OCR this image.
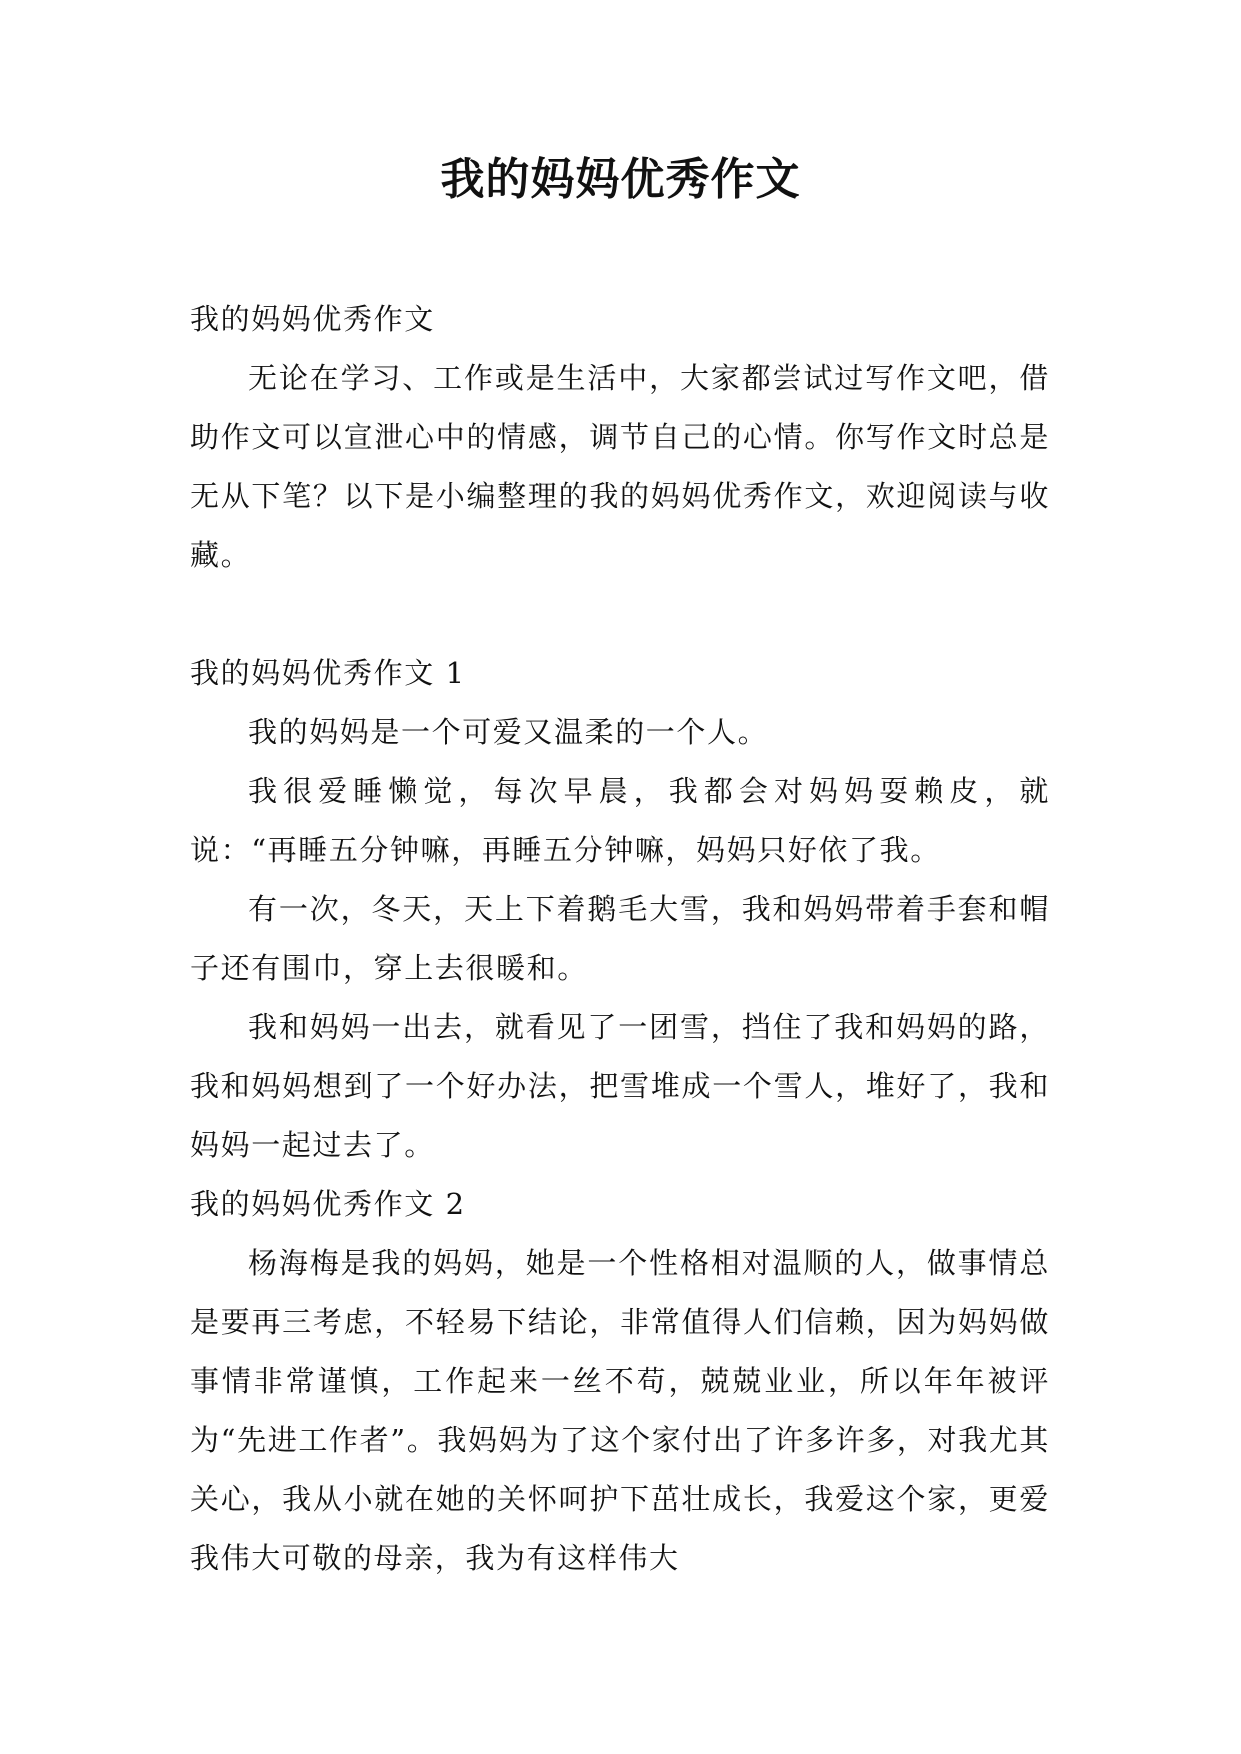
我的妈妈优秀作文

我的妈妈优秀作文

无论在学习、工作或是生活中，大家都尝试过写作文吧，借助作文可以宣泄心中的情感，调节自己的心情。你写作文时总是无从下笔？以下是小编整理的我的妈妈优秀作文，欢迎阅读与收藏。

我的妈妈优秀作文 1

我的妈妈是一个可爱又温柔的一个人。

我很爱睡懒觉，每次早晨，我都会对妈妈耍赖皮，就说：“再睡五分钟嘛，再睡五分钟嘛，妈妈只好依了我。

有一次，冬天，天上下着鹅毛大雪，我和妈妈带着手套和帽子还有围巾，穿上去很暖和。

我和妈妈一出去，就看见了一团雪，挡住了我和妈妈的路，我和妈妈想到了一个好办法，把雪堆成一个雪人，堆好了，我和妈妈一起过去了。

我的妈妈优秀作文 2

杨海梅是我的妈妈，她是一个性格相对温顺的人，做事情总是要再三考虑，不轻易下结论，非常值得人们信赖，因为妈妈做事情非常谨慎，工作起来一丝不苟，兢兢业业，所以年年被评为“先进工作者”。我妈妈为了这个家付出了许多许多，对我尤其关心，我从小就在她的关怀呵护下茁壮成长，我爱这个家，更爱我伟大可敬的母亲，我为有这样伟大
